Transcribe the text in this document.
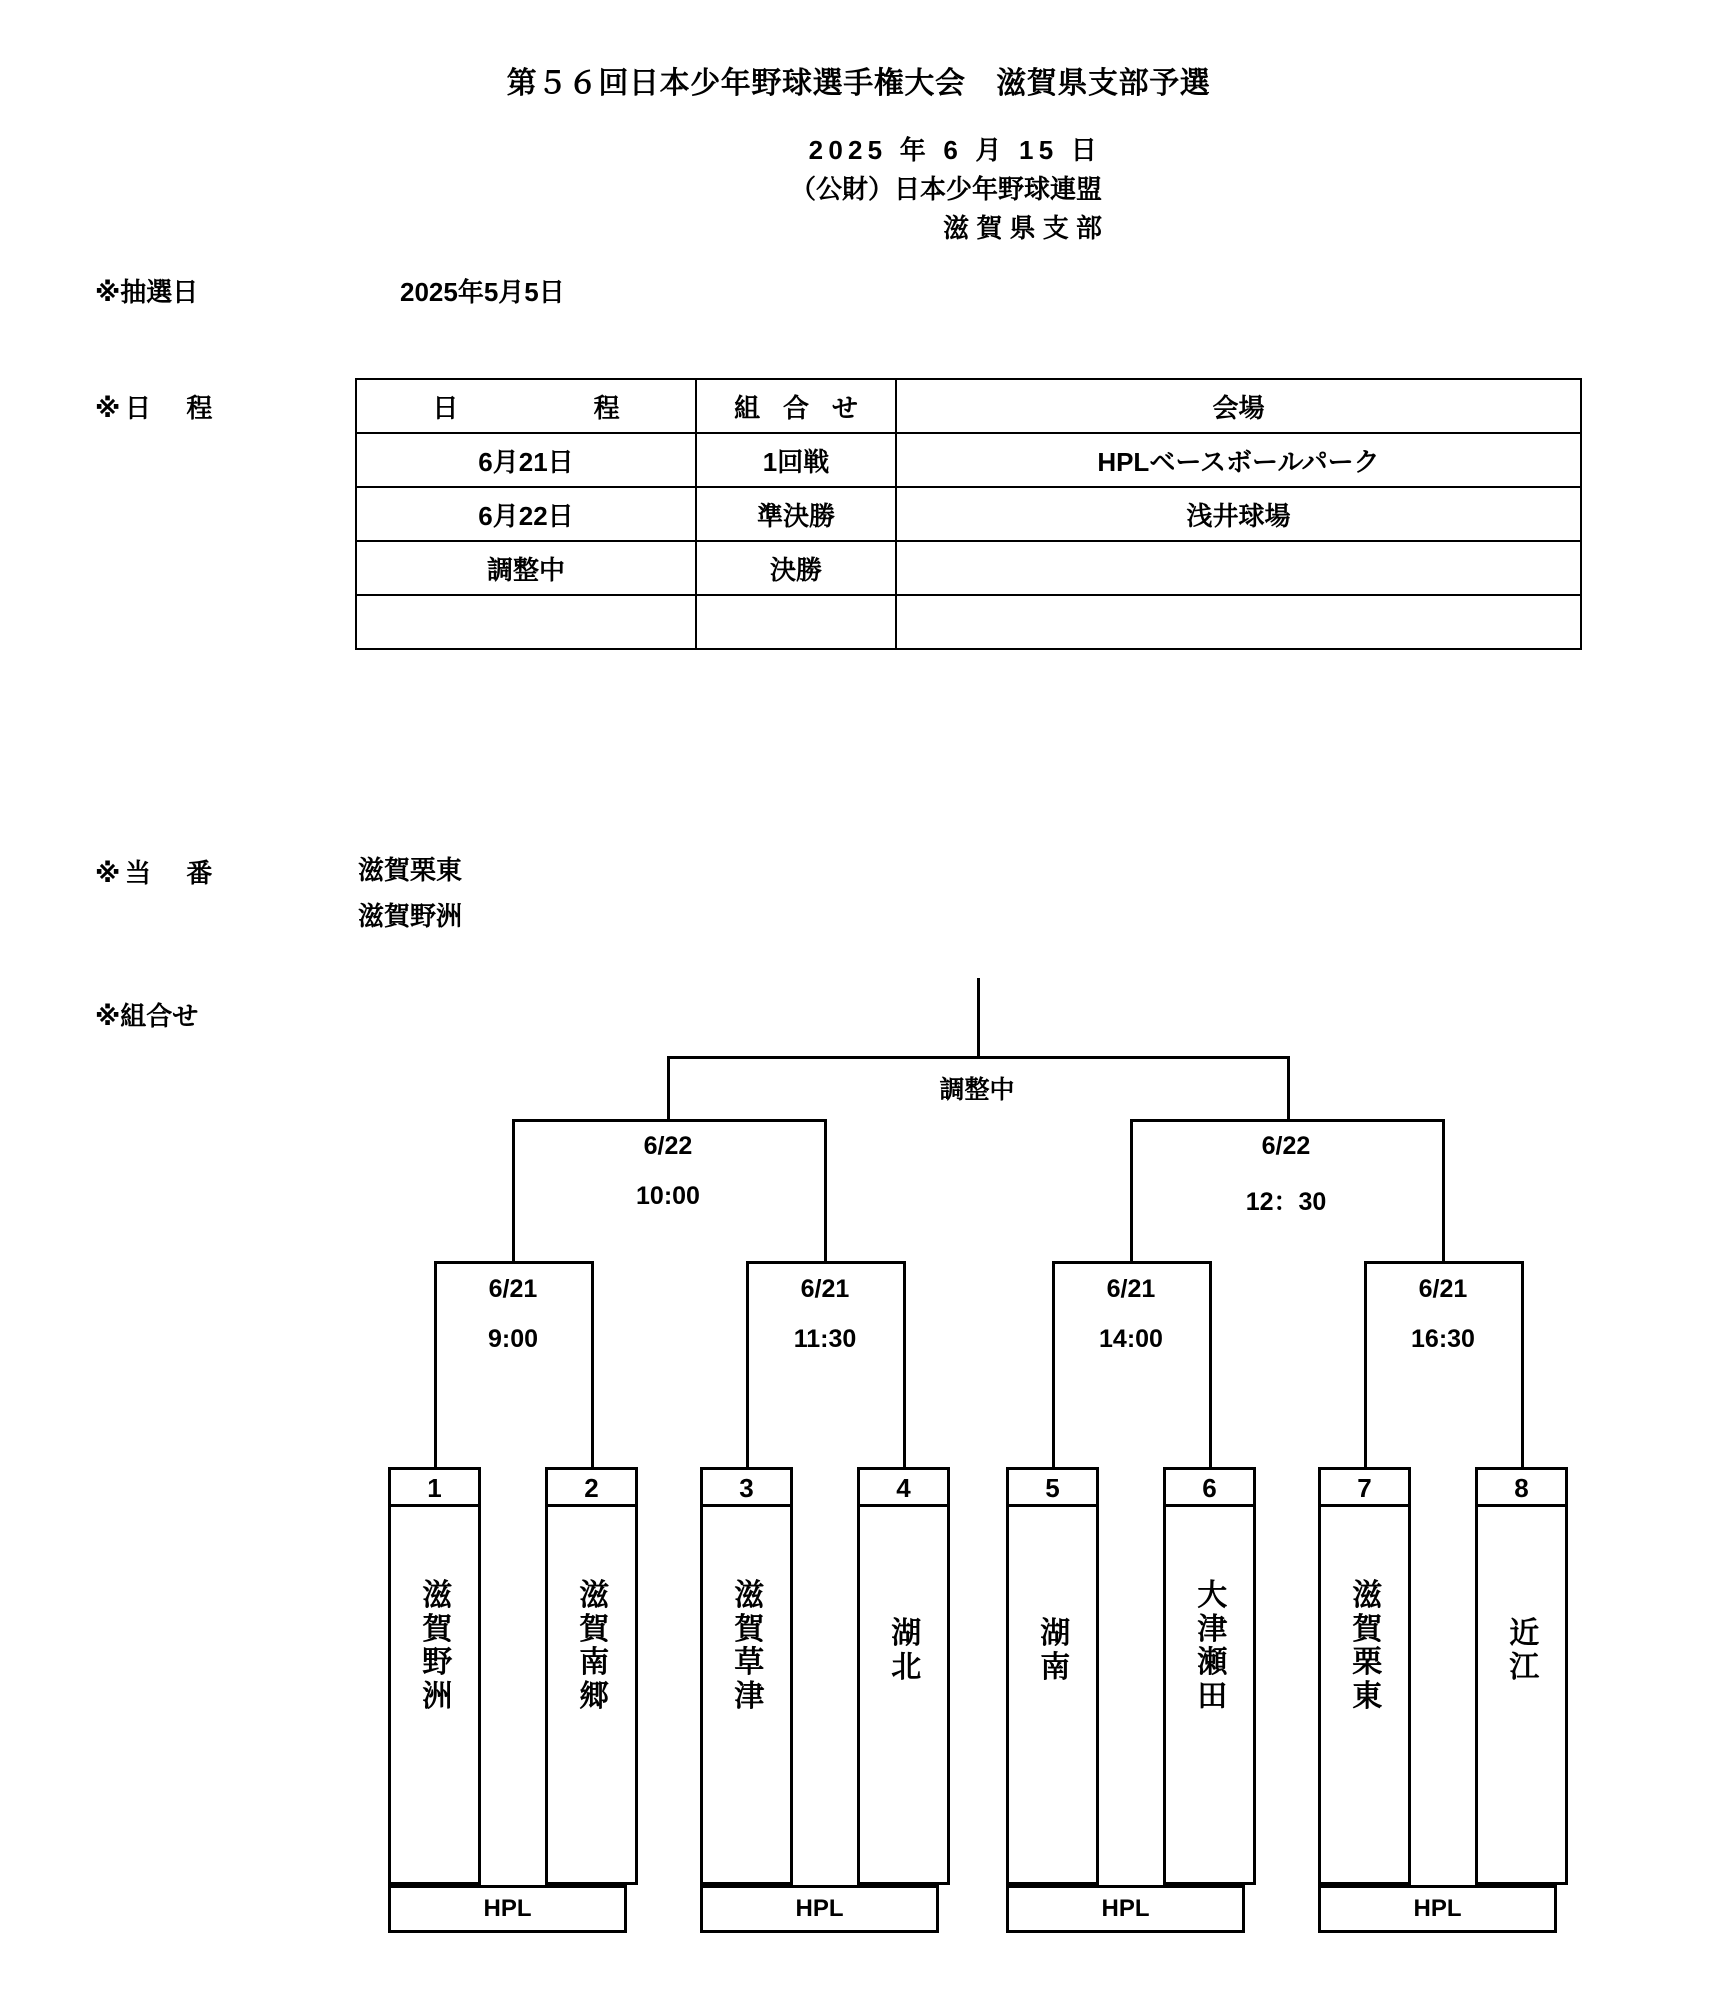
第５６回日本少年野球選手権大会　滋賀県支部予選
2025 年 6 月 15 日
（公財）日本少年野球連盟
滋 賀 県 支 部
※抽選日	2025年5月5日
※日　程	日　　　程	組 合 せ	会場
6月21日	1回戦	HPLベースボールパーク
6月22日	準決勝	浅井球場
調整中	決勝	

※当　番	滋賀栗東
滋賀野洲
※組合せ
調整中
6/22
10:00
6/22
12：30
6/21
9:00
6/21
11:30
6/21
14:00
6/21
16:30
1	2	3	4	5	6	7	8
滋
賀
野
洲
滋
賀
南
郷
滋
賀
草
津
湖
北
湖
南
大
津
瀬
田
滋
賀
栗
東
近
江
HPL	HPL	HPL	HPL
